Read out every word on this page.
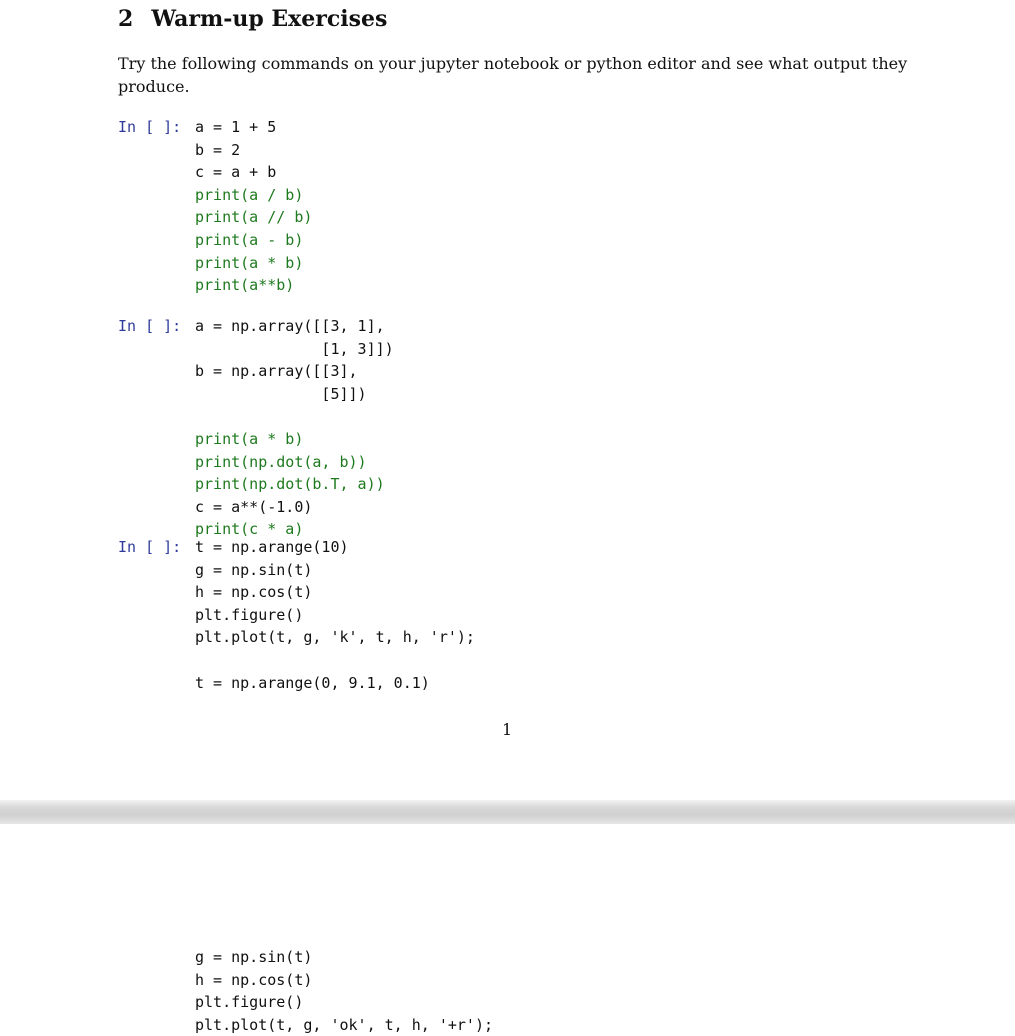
2 Warm-up Exercises

Try the following commands on your jupyter notebook or python editor and see what output they produce.

In [ ]: a = 1 + 5
b = 2
c = a + b
print(a / b)
print(a // b)
print(a - b)
print(a * b)
print(a**b)
In [ ]: a = np.array([[3, 1],
[1, 3]])
b = np.array([[3],
[5]])
print(a * b)
print(np.dot(a, b))
print(np.dot(b.T, a))
c = a**(-1.0)
print(c * a)
In [ ]: t = np.arange(10)
g = np.sin(t)
h = np.cos(t)
plt.figure()
plt.plot(t, g, 'k', t, h, 'r');
t = np.arange(0, 9.1, 0.1)
1
g = np.sin(t)
h = np.cos(t)
plt.figure()
plt.plot(t, g, 'ok', t, h, '+r');
